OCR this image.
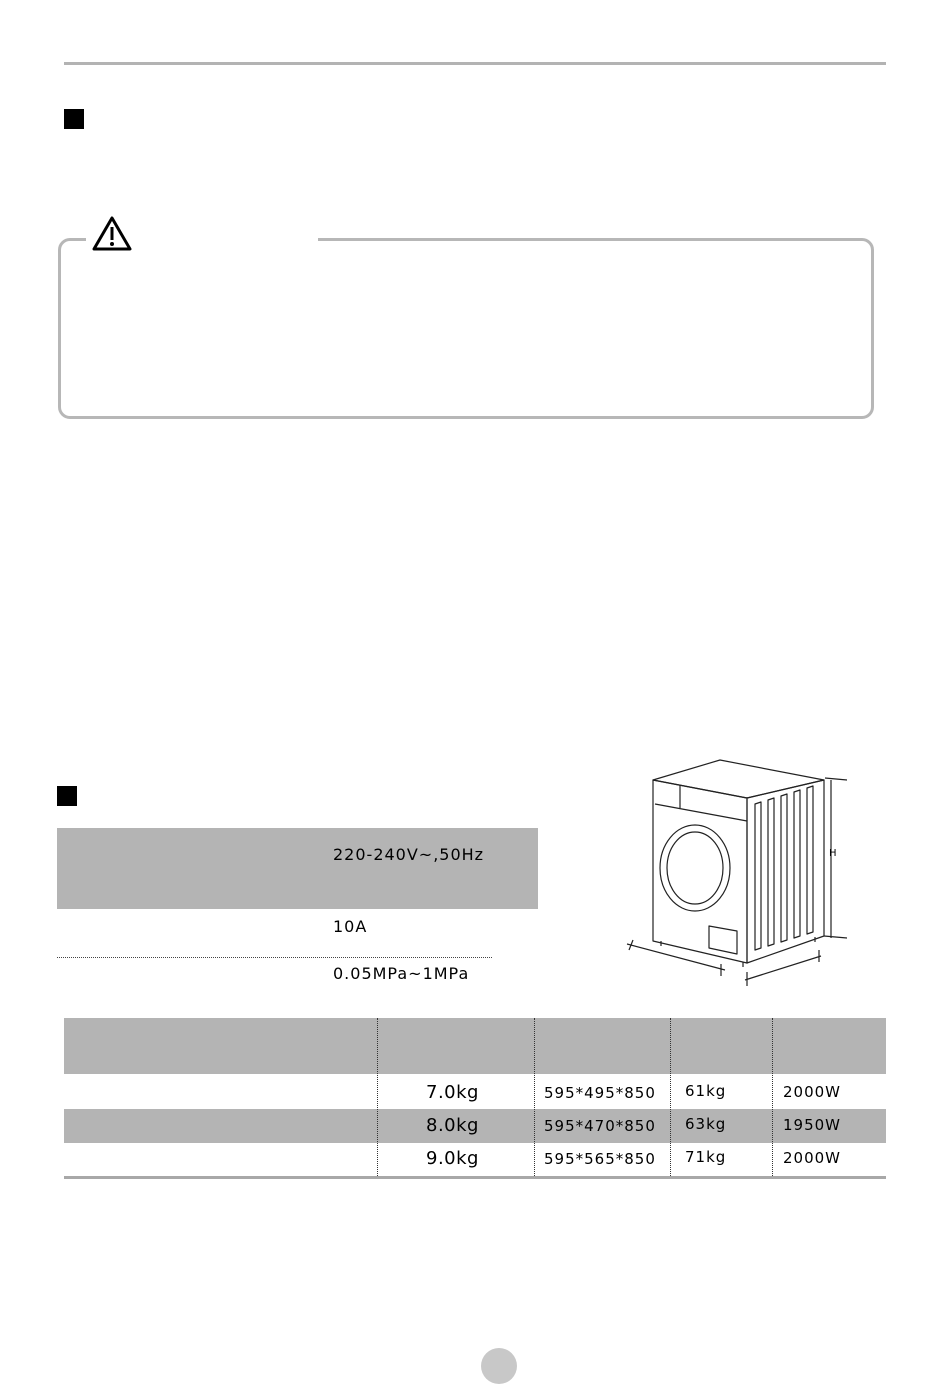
220-240V~,50Hz
10A
0.05MPa~1MPa
H
7.0kg	595*495*850 61kg	2000W
8.0kg	595*470*850 63kg	1950W
9.0kg	595*565*850 71kg	2000W
